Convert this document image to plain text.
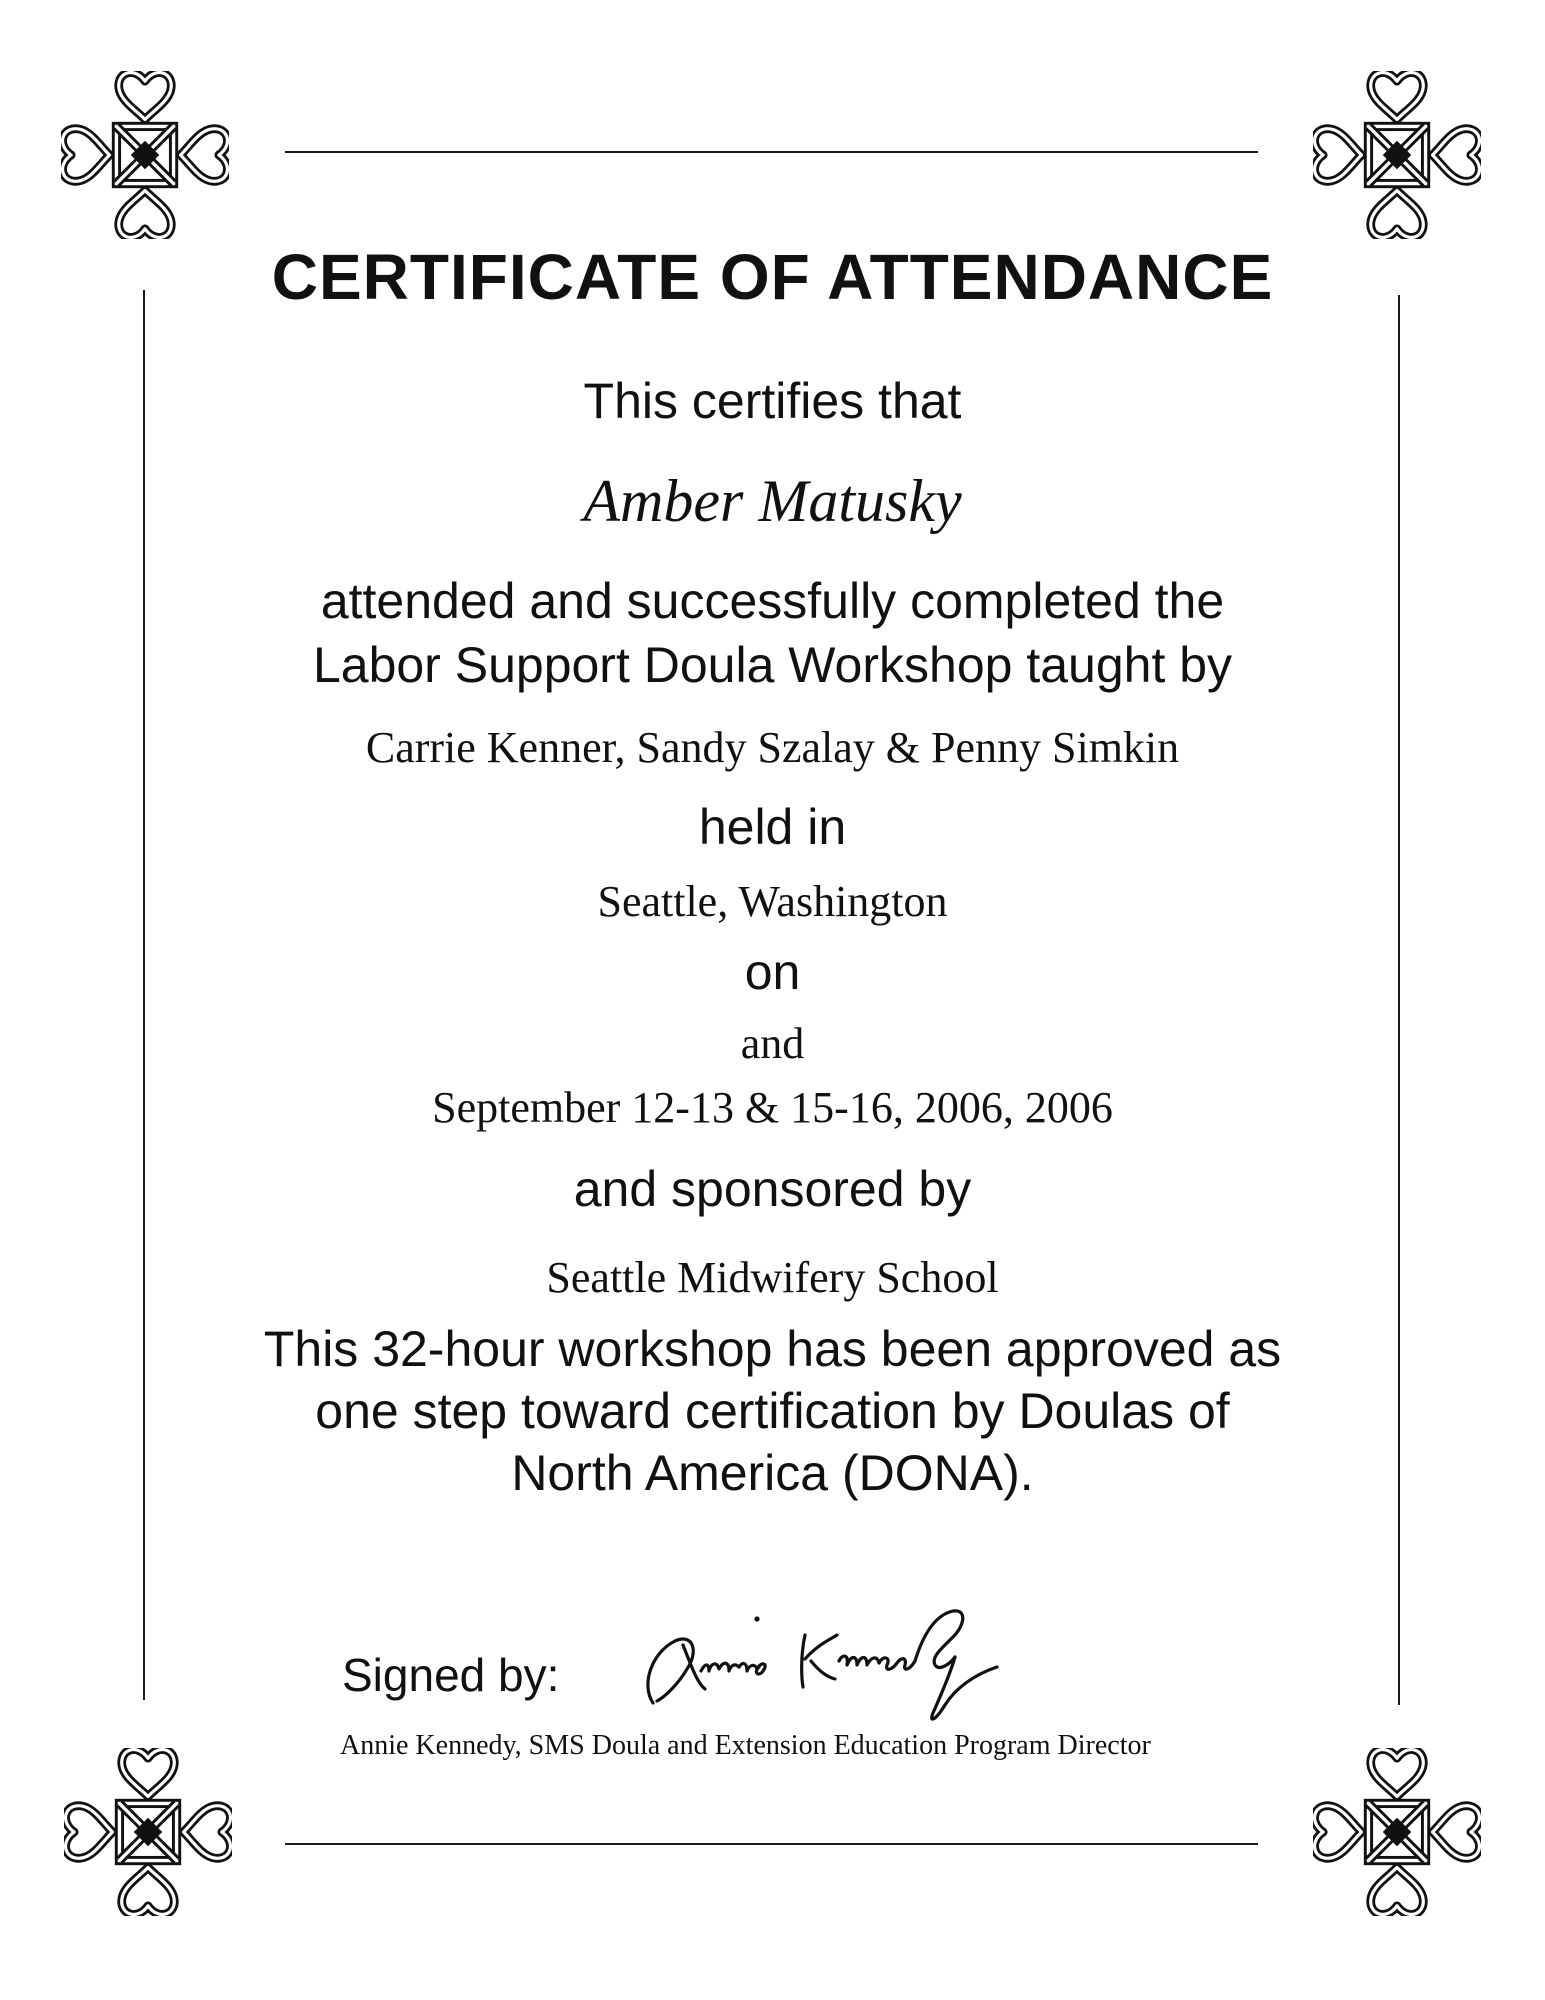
CERTIFICATE OF ATTENDANCE

This certifies that

Amber Matusky

attended and successfully completed the

Labor Support Doula Workshop taught by

Carrie Kenner, Sandy Szalay & Penny Simkin

held in

Seattle, Washington

on

and

September 12-13 & 15-16, 2006, 2006

and sponsored by

Seattle Midwifery School

This 32-hour workshop has been approved as

one step toward certification by Doulas of

North America (DONA).

Signed by:
Annie Kennedy, SMS Doula and Extension Education Program Director
